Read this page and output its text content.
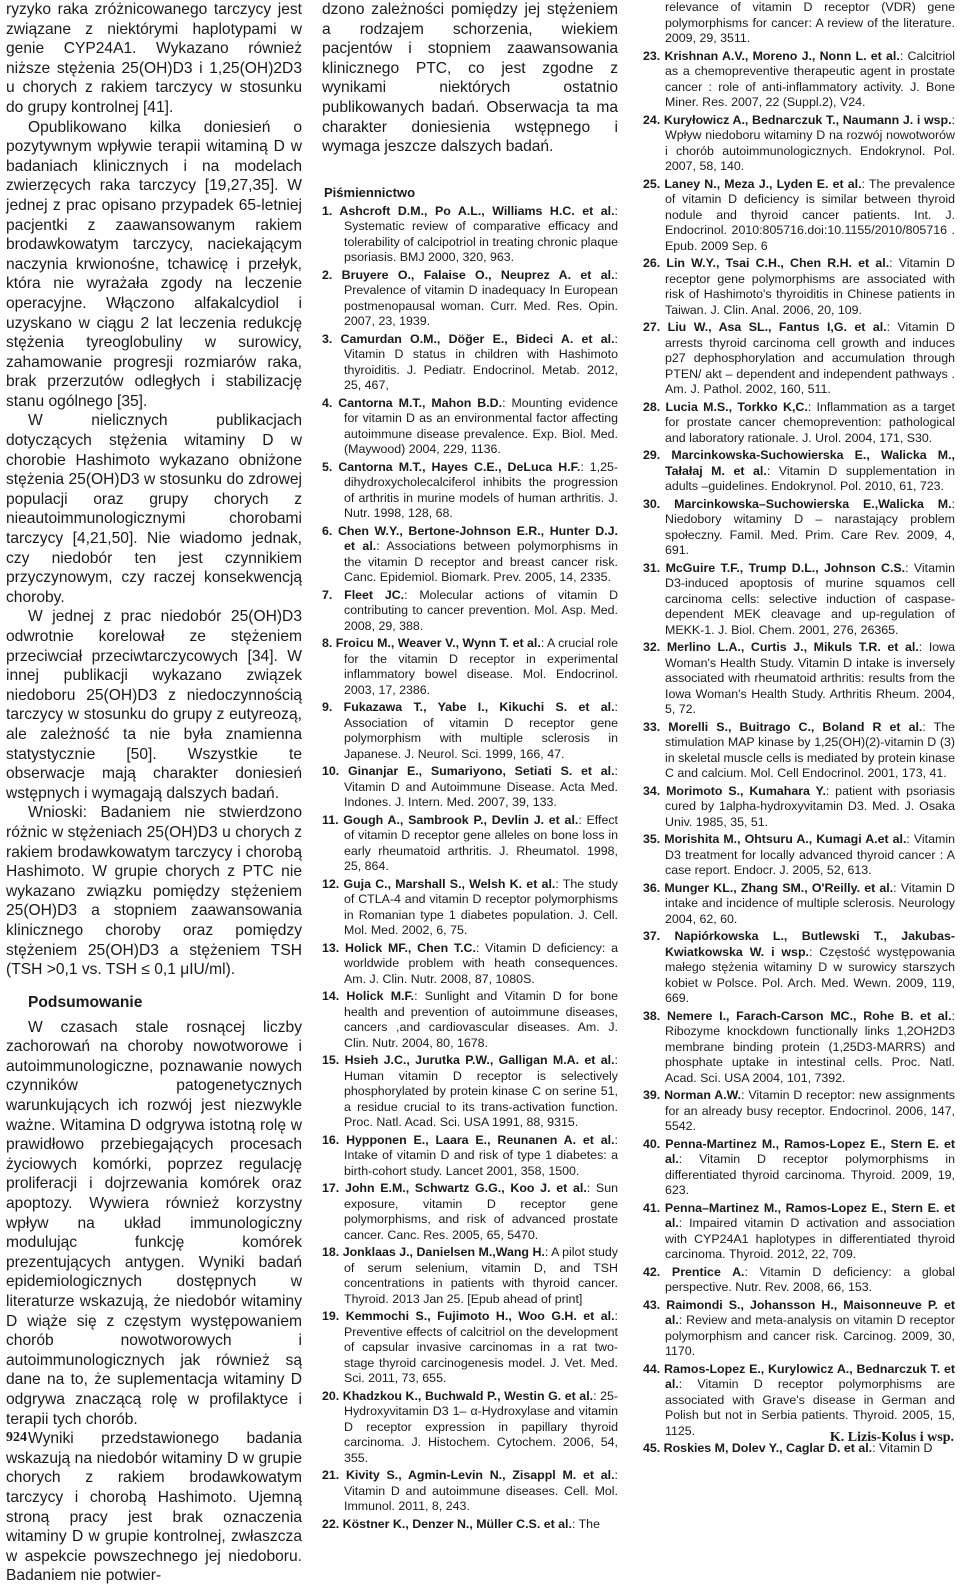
ryzyko raka zróżnicowanego tarczycy jest związane z niektórymi haplotypami w genie CYP24A1. Wykazano również niższe stężenia 25(OH)D3 i 1,25(OH)2D3 u chorych z rakiem tarczycy w stosunku do grupy kontrolnej [41].

Opublikowano kilka doniesień o pozytywnym wpływie terapii witaminą D w badaniach klinicznych i na modelach zwierzęcych raka tarczycy [19,27,35]. W jednej z prac opisano przypadek 65-letniej pacjentki z zaawansowanym rakiem brodawkowatym tarczycy, naciekającym naczynia krwionośne, tchawicę i przełyk, która nie wyrażała zgody na leczenie operacyjne. Włączono alfakalcydiol i uzyskano w ciągu 2 lat leczenia redukcję stężenia tyreoglobuliny w surowicy, zahamowanie progresji rozmiarów raka, brak przerzutów odległych i stabilizację stanu ogólnego [35].

W nielicznych publikacjach dotyczących stężenia witaminy D w chorobie Hashimoto wykazano obniżone stężenia 25(OH)D3 w stosunku do zdrowej populacji oraz grupy chorych z nieautoimmunologicznymi chorobami tarczycy [4,21,50]. Nie wiadomo jednak, czy niedobór ten jest czynnikiem przyczynowym, czy raczej konsekwencją choroby.

W jednej z prac niedobór 25(OH)D3 odwrotnie korelował ze stężeniem przeciwciał przeciwtarczycowych [34]. W innej publikacji wykazano związek niedoboru 25(OH)D3 z niedoczynnością tarczycy w stosunku do grupy z eutyreozą, ale zależność ta nie była znamienna statystycznie [50]. Wszystkie te obserwacje mają charakter doniesień wstępnych i wymagają dalszych badań.

Wnioski: Badaniem nie stwierdzono różnic w stężeniach 25(OH)D3 u chorych z rakiem brodawkowatym tarczycy i chorobą Hashimoto. W grupie chorych z PTC nie wykazano związku pomiędzy stężeniem 25(OH)D3 a stopniem zaawansowania klinicznego choroby oraz pomiędzy stężeniem 25(OH)D3 a stężeniem TSH (TSH >0,1 vs. TSH ≤ 0,1 μIU/ml).

Podsumowanie

W czasach stale rosnącej liczby zachorowań na choroby nowotworowe i autoimmunologiczne, poznawanie nowych czynników patogenetycznych warunkujących ich rozwój jest niezwykle ważne. Witamina D odgrywa istotną rolę w prawidłowo przebiegających procesach życiowych komórki, poprzez regulację proliferacji i dojrzewania komórek oraz apoptozy. Wywiera również korzystny wpływ na układ immunologiczny modulując funkcję komórek prezentujących antygen. Wyniki badań epidemiologicznych dostępnych w literaturze wskazują, że niedobór witaminy D wiąże się z częstym występowaniem chorób nowotworowych i autoimmunologicznych jak również są dane na to, że suplementacja witaminy D odgrywa znaczącą rolę w profilaktyce i terapii tych chorób.

Wyniki przedstawionego badania wskazują na niedobór witaminy D w grupie chorych z rakiem brodawkowatym tarczycy i chorobą Hashimoto. Ujemną stroną pracy jest brak oznaczenia witaminy D w grupie kontrolnej, zwłaszcza w aspekcie powszechnego jej niedoboru. Badaniem nie potwier-

dzono zależności pomiędzy jej stężeniem a rodzajem schorzenia, wiekiem pacjentów i stopniem zaawansowania klinicznego PTC, co jest zgodne z wynikami niektórych ostatnio publikowanych badań. Obserwacja ta ma charakter doniesienia wstępnego i wymaga jeszcze dalszych badań.

Piśmiennictwo

1. Ashcroft D.M., Po A.L., Williams H.C. et al.: Systematic review of comparative efficacy and tolerability of calcipotriol in treating chronic plaque psoriasis. BMJ 2000, 320, 963.

2. Bruyere O., Falaise O., Neuprez A. et al.: Prevalence of vitamin D inadequacy In European postmenopausal woman. Curr. Med. Res. Opin. 2007, 23, 1939.

3. Camurdan O.M., Döğer E., Bideci A. et al.: Vitamin D status in children with Hashimoto thyroiditis. J. Pediatr. Endocrinol. Metab. 2012, 25, 467,

4. Cantorna M.T., Mahon B.D.: Mounting evidence for vitamin D as an environmental factor affecting autoimmune disease prevalence. Exp. Biol. Med. (Maywood) 2004, 229, 1136.

5. Cantorna M.T., Hayes C.E., DeLuca H.F.: 1,25-dihydroxycholecalciferol inhibits the progression of arthritis in murine models of human arthritis. J. Nutr. 1998, 128, 68.

6. Chen W.Y., Bertone-Johnson E.R., Hunter D.J. et al.: Associations between polymorphisms in the vitamin D receptor and breast cancer risk. Canc. Epidemiol. Biomark. Prev. 2005, 14, 2335.

7. Fleet JC.: Molecular actions of vitamin D contributing to cancer prevention. Mol. Asp. Med. 2008, 29, 388.

8. Froicu M., Weaver V., Wynn T. et al.: A crucial role for the vitamin D receptor in experimental inflammatory bowel disease. Mol. Endocrinol. 2003, 17, 2386.

9. Fukazawa T., Yabe I., Kikuchi S. et al.: Association of vitamin D receptor gene polymorphism with multiple sclerosis in Japanese. J. Neurol. Sci. 1999, 166, 47.

10. Ginanjar E., Sumariyono, Setiati S. et al.: Vitamin D and Autoimmune Disease. Acta Med. Indones. J. Intern. Med. 2007, 39, 133.

11. Gough A., Sambrook P., Devlin J. et al.: Effect of vitamin D receptor gene alleles on bone loss in early rheumatoid arthritis. J. Rheumatol. 1998, 25, 864.

12. Guja C., Marshall S., Welsh K. et al.: The study of CTLA-4 and vitamin D receptor polymorphisms in Romanian type 1 diabetes population. J. Cell. Mol. Med. 2002, 6, 75.

13. Holick MF., Chen T.C.: Vitamin D deficiency: a worldwide problem with heath consequences. Am. J. Clin. Nutr. 2008, 87, 1080S.

14. Holick M.F.: Sunlight and Vitamin D for bone health and prevention of autoimmune diseases, cancers ,and cardiovascular diseases. Am. J. Clin. Nutr. 2004, 80, 1678.

15. Hsieh J.C., Jurutka P.W., Galligan M.A. et al.: Human vitamin D receptor is selectively phosphorylated by protein kinase C on serine 51, a residue crucial to its trans-activation function. Proc. Natl. Acad. Sci. USA 1991, 88, 9315.

16. Hypponen E., Laara E., Reunanen A. et al.: Intake of vitamin D and risk of type 1 diabetes: a birth-cohort study. Lancet 2001, 358, 1500.

17. John E.M., Schwartz G.G., Koo J. et al.: Sun exposure, vitamin D receptor gene polymorphisms, and risk of advanced prostate cancer. Canc. Res. 2005, 65, 5470.

18. Jonklaas J., Danielsen M.,Wang H.: A pilot study of serum selenium, vitamin D, and TSH concentrations in patients with thyroid cancer. Thyroid. 2013 Jan 25. [Epub ahead of print]

19. Kemmochi S., Fujimoto H., Woo G.H. et al.: Preventive effects of calcitriol on the development of capsular invasive carcinomas in a rat two- stage thyroid carcinogenesis model. J. Vet. Med. Sci. 2011, 73, 655.

20. Khadzkou K., Buchwald P., Westin G. et al.: 25-Hydroxyvitamin D3 1– α-Hydroxylase and vitamin D receptor expression in papillary thyroid carcinoma. J. Histochem. Cytochem. 2006, 54, 355.

21. Kivity S., Agmin-Levin N., Zisappl M. et al.: Vitamin D and autoimmune diseases. Cell. Mol. Immunol. 2011, 8, 243.

22. Köstner K., Denzer N., Müller C.S. et al.: The

relevance of vitamin D receptor (VDR) gene polymorphisms for cancer: A review of the literature. 2009, 29, 3511.

23. Krishnan A.V., Moreno J., Nonn L. et al.: Calcitriol as a chemopreventive therapeutic agent in prostate cancer : role of anti-inflammatory activity. J. Bone Miner. Res. 2007, 22 (Suppl.2), V24.

24. Kuryłowicz A., Bednarczuk T., Naumann J. i wsp.: Wpływ niedoboru witaminy D na rozwój nowotworów i chorób autoimmunologicznych. Endokrynol. Pol. 2007, 58, 140.

25. Laney N., Meza J., Lyden E. et al.: The prevalence of vitamin D deficiency is similar between thyroid nodule and thyroid cancer patients. Int. J. Endocrinol. 2010:805716.doi:10.1155/2010/805716 . Epub. 2009 Sep. 6

26. Lin W.Y., Tsai C.H., Chen R.H. et al.: Vitamin D receptor gene polymorphisms are associated with risk of Hashimoto's thyroiditis in Chinese patients in Taiwan. J. Clin. Anal. 2006, 20, 109.

27. Liu W., Asa SL., Fantus I,G. et al.: Vitamin D arrests thyroid carcinoma cell growth and induces p27 dephosphorylation and accumulation through PTEN/ akt – dependent and independent pathways . Am. J. Pathol. 2002, 160, 511.

28. Lucia M.S., Torkko K,C.: Inflammation as a target for prostate cancer chemoprevention: pathological and laboratory rationale. J. Urol. 2004, 171, S30.

29. Marcinkowska-Suchowierska E., Walicka M., Tałałaj M. et al.: Vitamin D supplementation in adults –guidelines. Endokrynol. Pol. 2010, 61, 723.

30. Marcinkowska–Suchowierska E.,Walicka M.: Niedobory witaminy D – narastający problem społeczny. Famil. Med. Prim. Care Rev. 2009, 4, 691.

31. McGuire T.F., Trump D.L., Johnson C.S.: Vitamin D3-induced apoptosis of murine squamos cell carcinoma cells: selective induction of caspase-dependent MEK cleavage and up-regulation of MEKK-1. J. Biol. Chem. 2001, 276, 26365.

32. Merlino L.A., Curtis J., Mikuls T.R. et al.: Iowa Woman's Health Study. Vitamin D intake is inversely associated with rheumatoid arthritis: results from the Iowa Woman's Health Study. Arthritis Rheum. 2004, 5, 72.

33. Morelli S., Buitrago C., Boland R et al.: The stimulation MAP kinase by 1,25(OH)(2)-vitamin D (3) in skeletal muscle cells is mediated by protein kinase C and calcium. Mol. Cell Endocrinol. 2001, 173, 41.

34. Morimoto S., Kumahara Y.: patient with psoriasis cured by 1alpha-hydroxyvitamin D3. Med. J. Osaka Univ. 1985, 35, 51.

35. Morishita M., Ohtsuru A., Kumagi A.et al.: Vitamin D3 treatment for locally advanced thyroid cancer : A case report. Endocr. J. 2005, 52, 613.

36. Munger KL., Zhang SM., O'Reilly. et al.: Vitamin D intake and incidence of multiple sclerosis. Neurology 2004, 62, 60.

37. Napiórkowska L., Butlewski T., Jakubas-Kwiatkowska W. i wsp.: Częstość występowania małego stężenia witaminy D w surowicy starszych kobiet w Polsce. Pol. Arch. Med. Wewn. 2009, 119, 669.

38. Nemere I., Farach-Carson MC., Rohe B. et al.: Ribozyme knockdown functionally links 1,2OH2D3 membrane binding protein (1,25D3-MARRS) and phosphate uptake in intestinal cells. Proc. Natl. Acad. Sci. USA 2004, 101, 7392.

39. Norman A.W.: Vitamin D receptor: new assignments for an already busy receptor. Endocrinol. 2006, 147, 5542.

40. Penna-Martinez M., Ramos-Lopez E., Stern E. et al.: Vitamin D receptor polymorphisms in differentiated thyroid carcinoma. Thyroid. 2009, 19, 623.

41. Penna–Martinez M., Ramos-Lopez E., Stern E. et al.: Impaired vitamin D activation and association with CYP24A1 haplotypes in differentiated thyroid carcinoma. Thyroid. 2012, 22, 709.

42. Prentice A.: Vitamin D deficiency: a global perspective. Nutr. Rev. 2008, 66, 153.

43. Raimondi S., Johansson H., Maisonneuve P. et al.: Review and meta-analysis on vitamin D receptor polymorphism and cancer risk. Carcinog. 2009, 30, 1170.

44. Ramos-Lopez E., Kurylowicz A., Bednarczuk T. et al.: Vitamin D receptor polymorphisms are associated with Grave's disease in German and Polish but not in Serbia patients. Thyroid. 2005, 15, 1125.

45. Roskies M, Dolev Y., Caglar D. et al.: Vitamin D

924	K. Lizis-Kolus i wsp.
